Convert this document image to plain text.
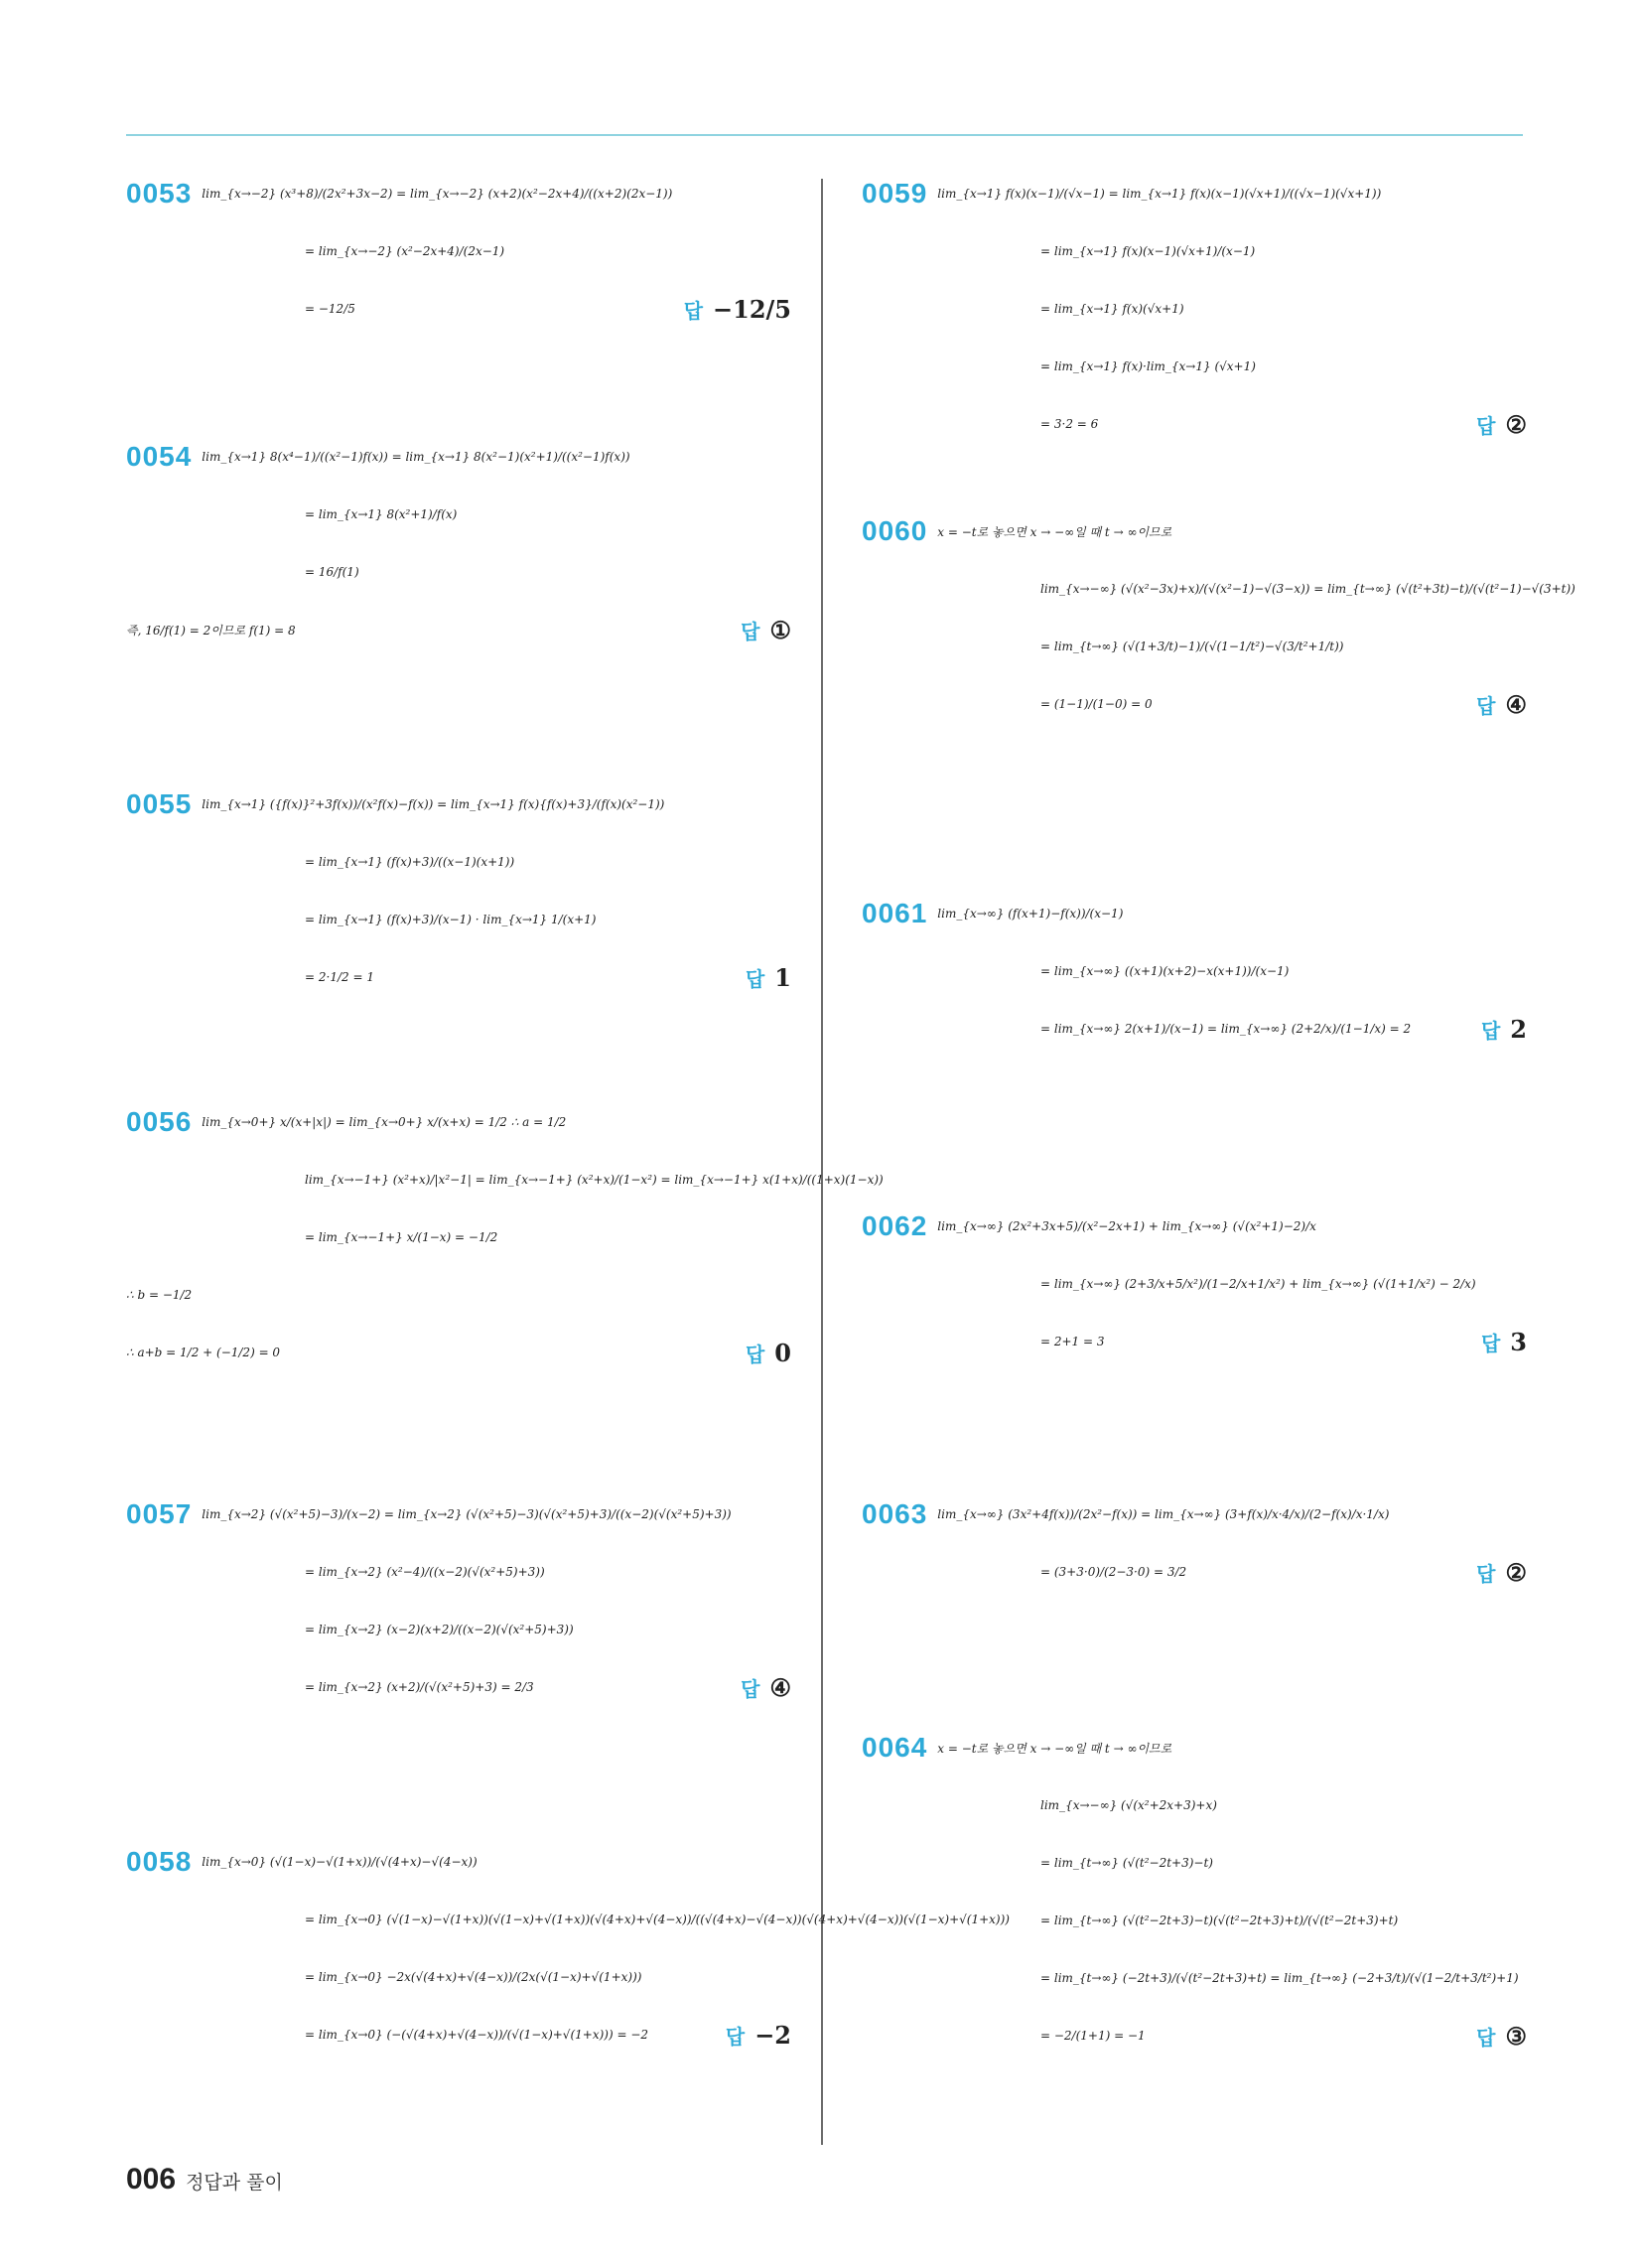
0053 lim_{x→−2} (x³+8)/(2x²+3x−2) = lim_{x→−2} (x+2)(x²−2x+4)/((x+2)(2x−1))
= lim_{x→−2} (x²−2x+4)/(2x−1)
= −12/5	답 −12/5
0054 lim_{x→1} 8(x⁴−1)/((x²−1)f(x)) = lim_{x→1} 8(x²−1)(x²+1)/((x²−1)f(x))
= lim_{x→1} 8(x²+1)/f(x)
= 16/f(1)
즉, 16/f(1) = 2이므로 f(1) = 8	답 ①
0055 lim_{x→1} ({f(x)}²+3f(x))/(x²f(x)−f(x)) = lim_{x→1} f(x){f(x)+3}/(f(x)(x²−1))
= lim_{x→1} (f(x)+3)/((x−1)(x+1))
= lim_{x→1} (f(x)+3)/(x−1) · lim_{x→1} 1/(x+1)
= 2·1/2 = 1	답 1
0056 lim_{x→0+} x/(x+|x|) = lim_{x→0+} x/(x+x) = 1/2 ∴ a = 1/2
lim_{x→−1+} (x²+x)/|x²−1| = lim_{x→−1+} (x²+x)/(1−x²) = lim_{x→−1+} x(1+x)/((1+x)(1−x))
= lim_{x→−1+} x/(1−x) = −1/2
∴ b = −1/2
∴ a+b = 1/2 + (−1/2) = 0	답 0
0057 lim_{x→2} (√(x²+5)−3)/(x−2) = lim_{x→2} (√(x²+5)−3)(√(x²+5)+3)/((x−2)(√(x²+5)+3))
= lim_{x→2} (x²−4)/((x−2)(√(x²+5)+3))
= lim_{x→2} (x−2)(x+2)/((x−2)(√(x²+5)+3))
= lim_{x→2} (x+2)/(√(x²+5)+3) = 2/3	답 ④
0058 lim_{x→0} (√(1−x)−√(1+x))/(√(4+x)−√(4−x))
= lim_{x→0} (√(1−x)−√(1+x))(√(1−x)+√(1+x))(√(4+x)+√(4−x))/((√(4+x)−√(4−x))(√(4+x)+√(4−x))(√(1−x)+√(1+x)))
= lim_{x→0} −2x(√(4+x)+√(4−x))/(2x(√(1−x)+√(1+x)))
= lim_{x→0} (−(√(4+x)+√(4−x))/(√(1−x)+√(1+x))) = −2	답 −2
0059 lim_{x→1} f(x)(x−1)/(√x−1) = lim_{x→1} f(x)(x−1)(√x+1)/((√x−1)(√x+1))
= lim_{x→1} f(x)(x−1)(√x+1)/(x−1)
= lim_{x→1} f(x)(√x+1)
= lim_{x→1} f(x)·lim_{x→1} (√x+1)
= 3·2 = 6	답 ②
0060 x = −t로 놓으면 x → −∞일 때 t → ∞이므로
lim_{x→−∞} (√(x²−3x)+x)/(√(x²−1)−√(3−x)) = lim_{t→∞} (√(t²+3t)−t)/(√(t²−1)−√(3+t))
= lim_{t→∞} (√(1+3/t)−1)/(√(1−1/t²)−√(3/t²+1/t))
= (1−1)/(1−0) = 0	답 ④
0061 lim_{x→∞} (f(x+1)−f(x))/(x−1)
= lim_{x→∞} ((x+1)(x+2)−x(x+1))/(x−1)
= lim_{x→∞} 2(x+1)/(x−1) = lim_{x→∞} (2+2/x)/(1−1/x) = 2	답 2
0062 lim_{x→∞} (2x²+3x+5)/(x²−2x+1) + lim_{x→∞} (√(x²+1)−2)/x
= lim_{x→∞} (2+3/x+5/x²)/(1−2/x+1/x²) + lim_{x→∞} (√(1+1/x²) − 2/x)
= 2+1 = 3	답 3
0063 lim_{x→∞} (3x²+4f(x))/(2x²−f(x)) = lim_{x→∞} (3+f(x)/x·4/x)/(2−f(x)/x·1/x)
= (3+3·0)/(2−3·0) = 3/2	답 ②
0064 x = −t로 놓으면 x → −∞일 때 t → ∞이므로
lim_{x→−∞} (√(x²+2x+3)+x)
= lim_{t→∞} (√(t²−2t+3)−t)
= lim_{t→∞} (√(t²−2t+3)−t)(√(t²−2t+3)+t)/(√(t²−2t+3)+t)
= lim_{t→∞} (−2t+3)/(√(t²−2t+3)+t) = lim_{t→∞} (−2+3/t)/(√(1−2/t+3/t²)+1)
= −2/(1+1) = −1	답 ③
006 정답과 풀이
